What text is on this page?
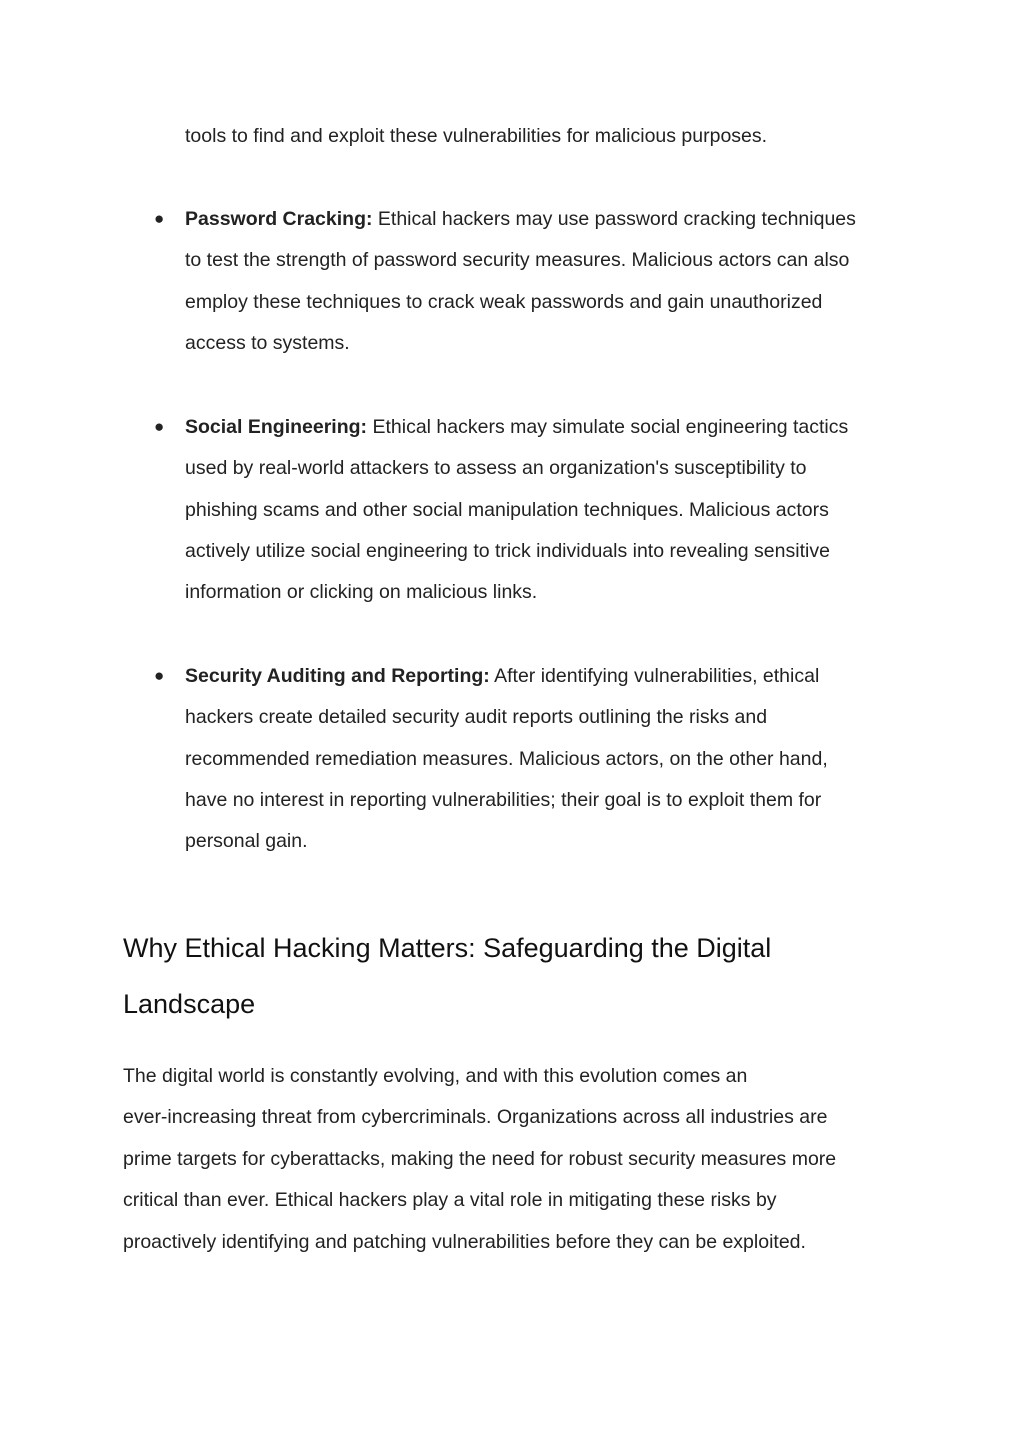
tools to find and exploit these vulnerabilities for malicious purposes.
● Password Cracking: Ethical hackers may use password cracking techniques
to test the strength of password security measures. Malicious actors can also
employ these techniques to crack weak passwords and gain unauthorized
access to systems.
● Social Engineering: Ethical hackers may simulate social engineering tactics
used by real-world attackers to assess an organization's susceptibility to
phishing scams and other social manipulation techniques. Malicious actors
actively utilize social engineering to trick individuals into revealing sensitive
information or clicking on malicious links.
● Security Auditing and Reporting: After identifying vulnerabilities, ethical
hackers create detailed security audit reports outlining the risks and
recommended remediation measures. Malicious actors, on the other hand,
have no interest in reporting vulnerabilities; their goal is to exploit them for
personal gain.
Why Ethical Hacking Matters: Safeguarding the Digital
Landscape
The digital world is constantly evolving, and with this evolution comes an
ever-increasing threat from cybercriminals. Organizations across all industries are
prime targets for cyberattacks, making the need for robust security measures more
critical than ever. Ethical hackers play a vital role in mitigating these risks by
proactively identifying and patching vulnerabilities before they can be exploited.
